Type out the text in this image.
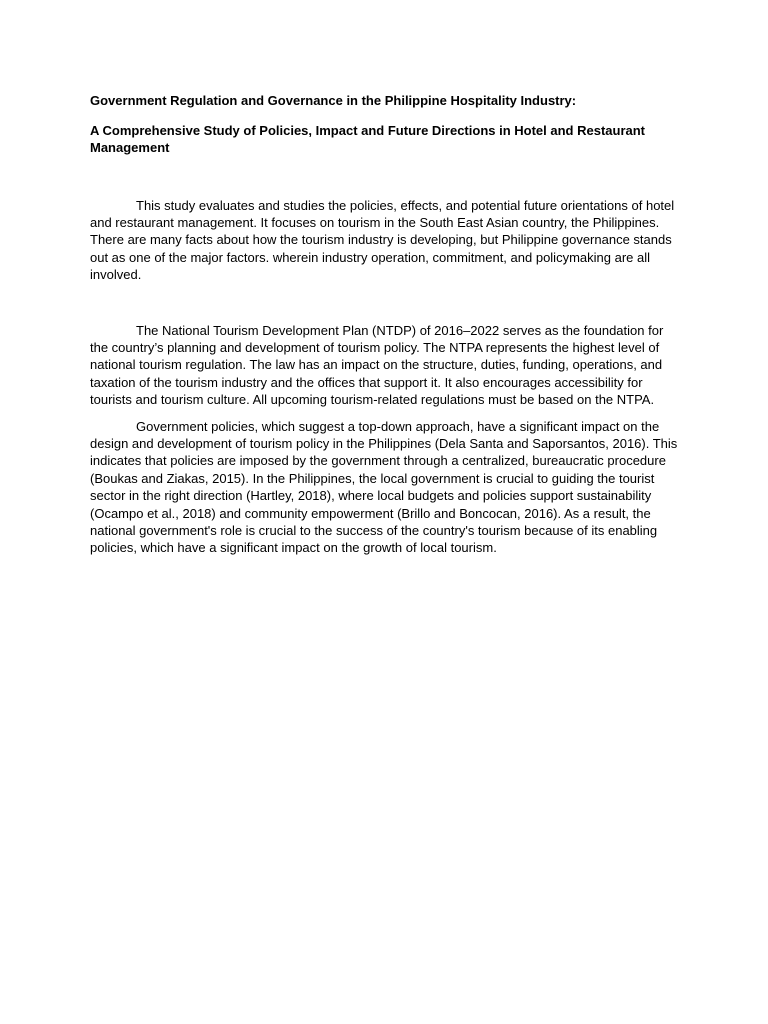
Government Regulation and Governance in the Philippine Hospitality Industry:

A Comprehensive Study of Policies, Impact and Future Directions in Hotel and Restaurant Management

This study evaluates and studies the policies, effects, and potential future orientations of hotel and restaurant management. It focuses on tourism in the South East Asian country, the Philippines. There are many facts about how the tourism industry is developing, but Philippine governance stands out as one of the major factors. wherein industry operation, commitment, and policymaking are all involved.

The National Tourism Development Plan (NTDP) of 2016–2022 serves as the foundation for the country’s planning and development of tourism policy. The NTPA represents the highest level of national tourism regulation. The law has an impact on the structure, duties, funding, operations, and taxation of the tourism industry and the offices that support it. It also encourages accessibility for tourists and tourism culture. All upcoming tourism-related regulations must be based on the NTPA.

Government policies, which suggest a top-down approach, have a significant impact on the design and development of tourism policy in the Philippines (Dela Santa and Saporsantos, 2016). This indicates that policies are imposed by the government through a centralized, bureaucratic procedure (Boukas and Ziakas, 2015). In the Philippines, the local government is crucial to guiding the tourist sector in the right direction (Hartley, 2018), where local budgets and policies support sustainability (Ocampo et al., 2018) and community empowerment (Brillo and Boncocan, 2016). As a result, the national government's role is crucial to the success of the country's tourism because of its enabling policies, which have a significant impact on the growth of local tourism.
